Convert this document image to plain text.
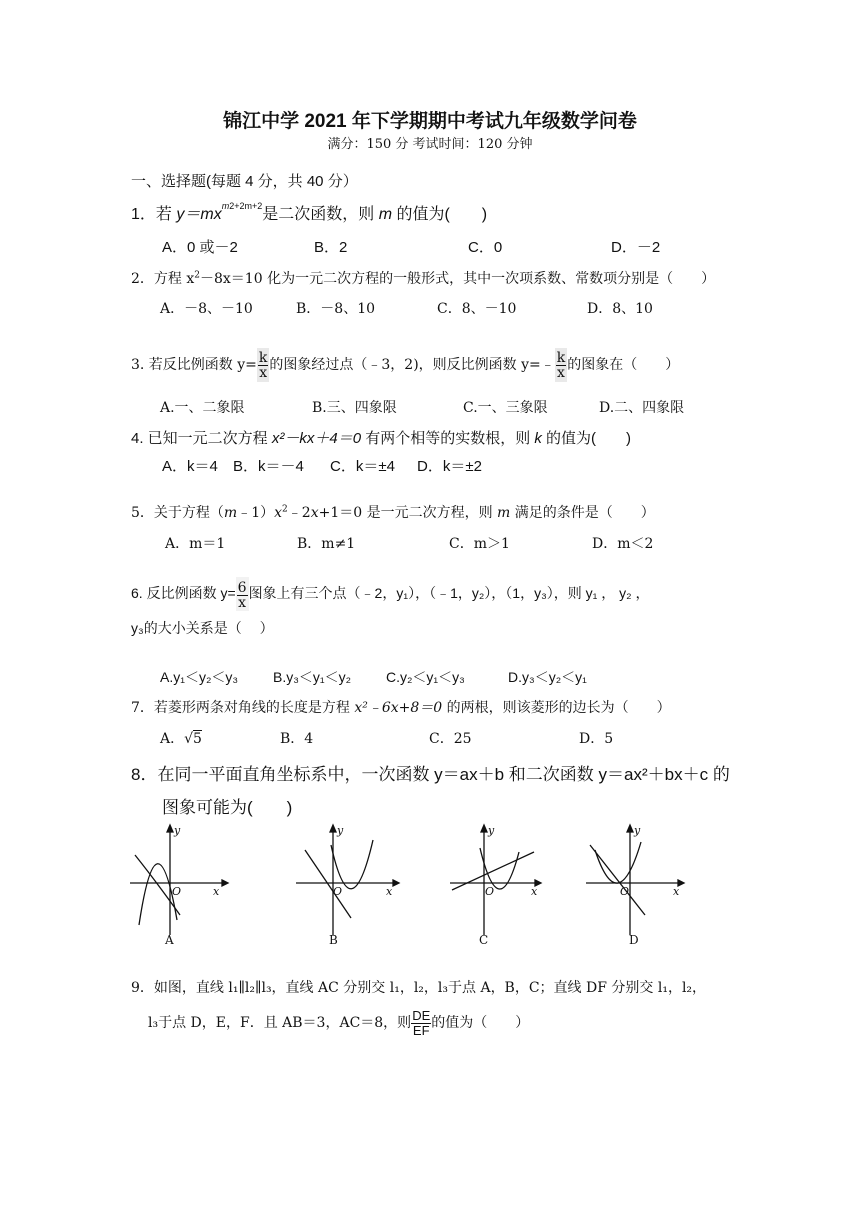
锦江中学 2021 年下学期期中考试九年级数学问卷
满分：150 分 考试时间：120 分钟
一、选择题(每题 4 分，共 40 分）
1．若 $y=mx^{m2+2m+2}$是二次函数，则 m 的值为(　　)
A．0 或－2	B．2	C．0	D．－2
2．方程 $x^2-8x=10$ 化为一元二次方程的一般形式，其中一次项系数、常数项分别是（　　）
A．－8、－10	B．－8、10	C．8、－10	D．8、10
3. 若反比例函数 $y= \frac{k}{x}$ 的图象经过点（﹣3，2)，则反比例函数 y=﹣ $\frac{k}{x}$ 的图象在（　　）
A.一、二象限	B.三、四象限	C.一、三象限	D.二、四象限
4. 已知一元二次方程 x²－kx＋4＝0 有两个相等的实数根，则 k 的值为(　　)
A．k＝4 B．k＝－4 C．k＝±4 D．k＝±2
5．关于方程$(m﹣1)x^2﹣2x+1=0$ 是一元二次方程，则 m 满足的条件是（　　）
A．m＝1	B．m≠1	C．m＞1	D．m＜2
6. 反比例函数 $y= \frac{6}{x}$ 图象上有三个点（﹣2，y₁），（﹣1，y₂），（1，y₃），则 y₁ ， y₂ ，
y₃的大小关系是（　 ）
A.y₁＜y₂＜y₃ B.y₃＜y₁＜y₂ C.y₂＜y₁＜y₃	D.y₃＜y₂＜y₁
7．若菱形两条对角线的长度是方程 x²﹣6x+8＝0 的两根，则该菱形的边长为（　　）
A．√5	B．4	C．25	D．5
8．在同一平面直角坐标系中，一次函数 y＝ax＋b 和二次函数 y＝ax²＋bx＋c 的
图象可能为(　　)
y
x
O
A
y
x
O
B
y
x
O
C
y
x
O
D
9．如图，直线 l₁∥l₂∥l₃，直线 AC 分别交 l₁，l₂，l₃于点 A，B，C；直线 DF 分别交 l₁，l₂，
l₃于点 D，E，F．且 AB＝3，AC＝8，则 $\frac{DE}{EF}$ 的值为（　　）
